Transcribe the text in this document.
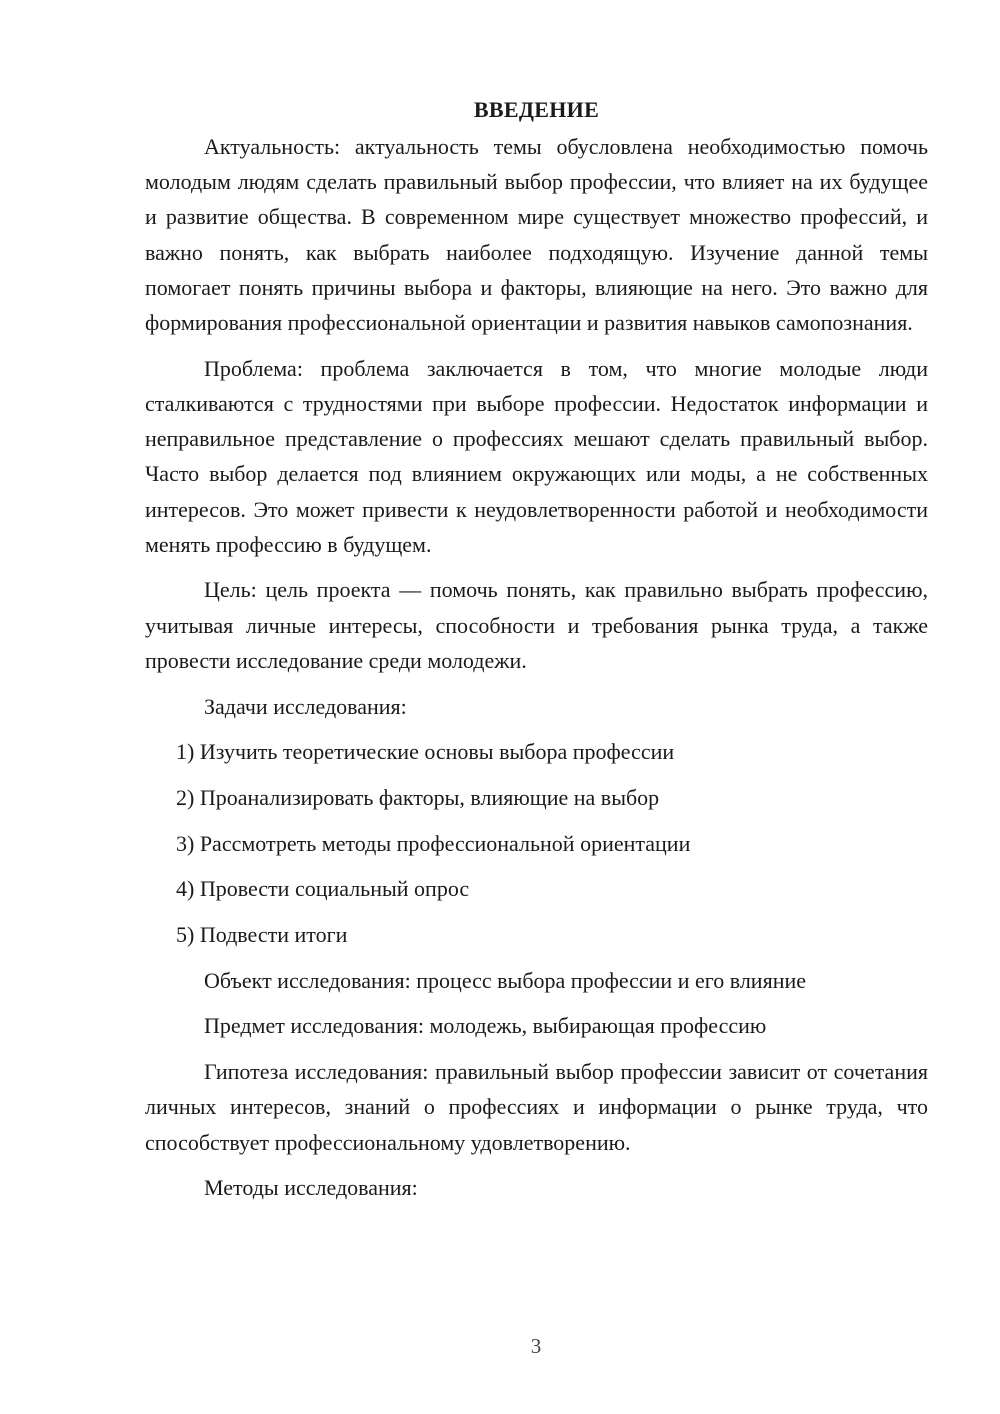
ВВЕДЕНИЕ

Актуальность: актуальность темы обусловлена необходимостью помочь молодым людям сделать правильный выбор профессии, что влияет на их будущее и развитие общества. В современном мире существует множество профессий, и важно понять, как выбрать наиболее подходящую. Изучение данной темы помогает понять причины выбора и факторы, влияющие на него. Это важно для формирования профессиональной ориентации и развития навыков самопознания.

Проблема: проблема заключается в том, что многие молодые люди сталкиваются с трудностями при выборе профессии. Недостаток информации и неправильное представление о профессиях мешают сделать правильный выбор. Часто выбор делается под влиянием окружающих или моды, а не собственных интересов. Это может привести к неудовлетворенности работой и необходимости менять профессию в будущем.

Цель: цель проекта — помочь понять, как правильно выбрать профессию, учитывая личные интересы, способности и требования рынка труда, а также провести исследование среди молодежи.

Задачи исследования:

1) Изучить теоретические основы выбора профессии
2) Проанализировать факторы, влияющие на выбор
3) Рассмотреть методы профессиональной ориентации
4) Провести социальный опрос
5) Подвести итоги

Объект исследования: процесс выбора профессии и его влияние

Предмет исследования: молодежь, выбирающая профессию

Гипотеза исследования: правильный выбор профессии зависит от сочетания личных интересов, знаний о профессиях и информации о рынке труда, что способствует профессиональному удовлетворению.

Методы исследования:

3
